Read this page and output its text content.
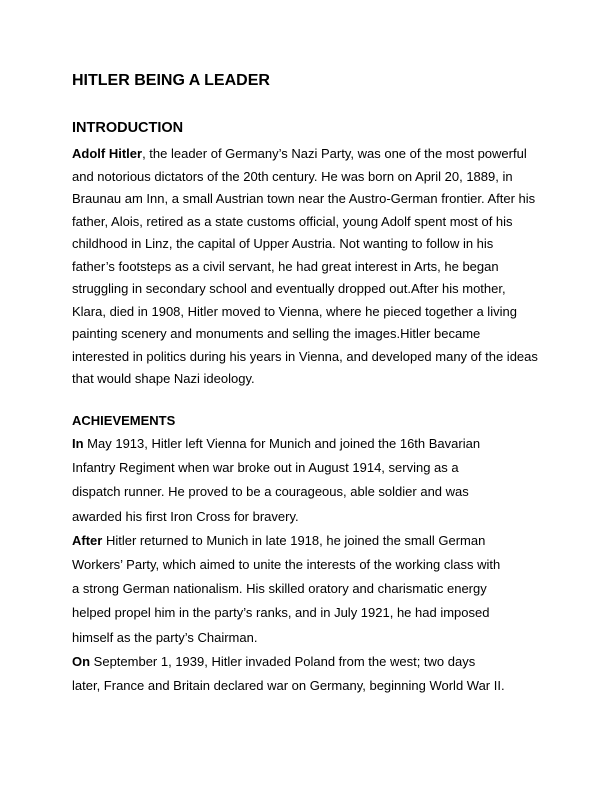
HITLER BEING A LEADER
INTRODUCTION
Adolf Hitler, the leader of Germany’s Nazi Party, was one of the most powerful
and notorious dictators of the 20th century. He was born on April 20, 1889, in
Braunau am Inn, a small Austrian town near the Austro-German frontier. After his
father, Alois, retired as a state customs official, young Adolf spent most of his
childhood in Linz, the capital of Upper Austria. Not wanting to follow in his
father’s footsteps as a civil servant, he had great interest in Arts, he began
struggling in secondary school and eventually dropped out.After his mother,
Klara, died in 1908, Hitler moved to Vienna, where he pieced together a living
painting scenery and monuments and selling the images.Hitler became
interested in politics during his years in Vienna, and developed many of the ideas
that would shape Nazi ideology.
ACHIEVEMENTS
In May 1913, Hitler left Vienna for Munich and joined the 16th Bavarian
Infantry Regiment when war broke out in August 1914, serving as a
dispatch runner. He proved to be a courageous, able soldier and was
awarded his first Iron Cross for bravery.
After Hitler returned to Munich in late 1918, he joined the small German
Workers’ Party, which aimed to unite the interests of the working class with
a strong German nationalism. His skilled oratory and charismatic energy
helped propel him in the party’s ranks, and in July 1921, he had imposed
himself as the party’s Chairman.
On September 1, 1939, Hitler invaded Poland from the west; two days
later, France and Britain declared war on Germany, beginning World War II.
